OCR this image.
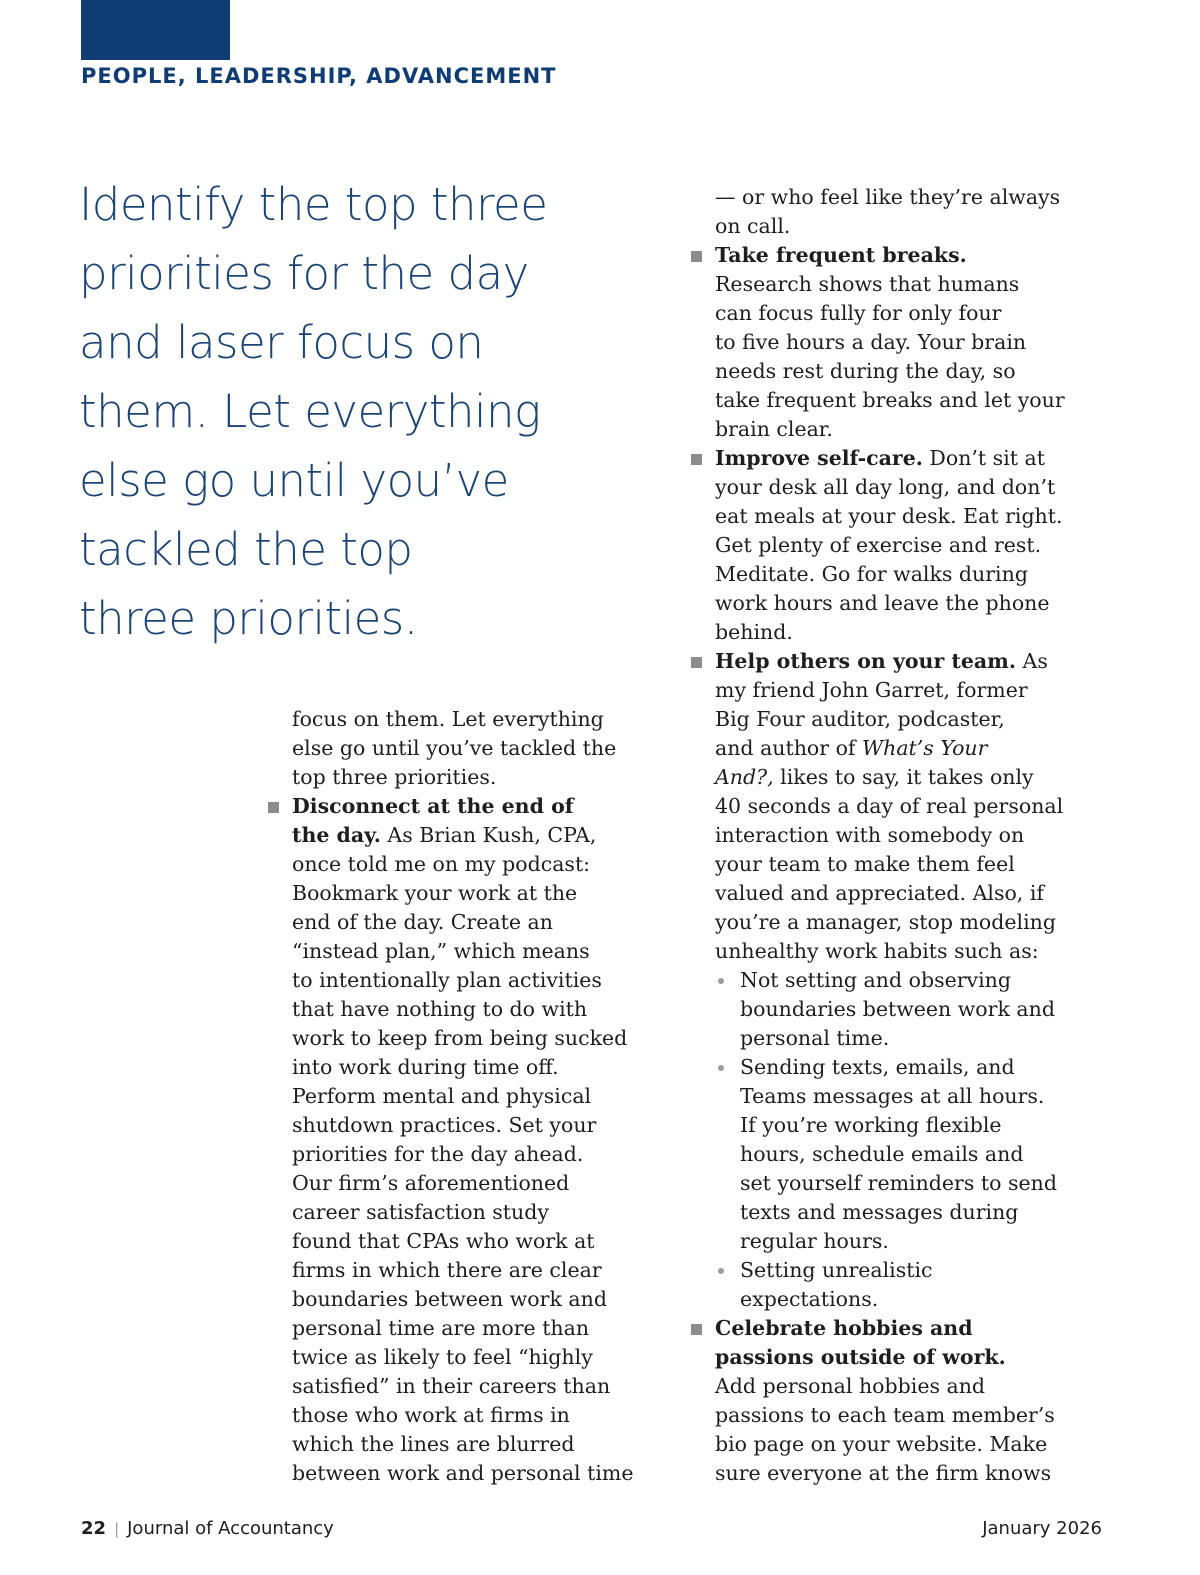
PEOPLE, LEADERSHIP, ADVANCEMENT
Identify the top three
priorities for the day
and laser focus on
them. Let everything
else go until you’ve
tackled the top
three priorities.
focus on them. Let everything
else go until you’ve tackled the
top three priorities.
Disconnect at the end of
the day. As Brian Kush, CPA,
once told me on my podcast:
Bookmark your work at the
end of the day. Create an
“instead plan,” which means
to intentionally plan activities
that have nothing to do with
work to keep from being sucked
into work during time off.
Perform mental and physical
shutdown practices. Set your
priorities for the day ahead.
Our firm’s aforementioned
career satisfaction study
found that CPAs who work at
firms in which there are clear
boundaries between work and
personal time are more than
twice as likely to feel “highly
satisfied” in their careers than
those who work at firms in
which the lines are blurred
between work and personal time
— or who feel like they’re always
on call.
Take frequent breaks.
Research shows that humans
can focus fully for only four
to five hours a day. Your brain
needs rest during the day, so
take frequent breaks and let your
brain clear.
Improve self-care. Don’t sit at
your desk all day long, and don’t
eat meals at your desk. Eat right.
Get plenty of exercise and rest.
Meditate. Go for walks during
work hours and leave the phone
behind.
Help others on your team. As
my friend John Garret, former
Big Four auditor, podcaster,
and author of What’s Your
And?, likes to say, it takes only
40 seconds a day of real personal
interaction with somebody on
your team to make them feel
valued and appreciated. Also, if
you’re a manager, stop modeling
unhealthy work habits such as:
Not setting and observing
boundaries between work and
personal time.
Sending texts, emails, and
Teams messages at all hours.
If you’re working flexible
hours, schedule emails and
set yourself reminders to send
texts and messages during
regular hours.
Setting unrealistic
expectations.
Celebrate hobbies and
passions outside of work.
Add personal hobbies and
passions to each team member’s
bio page on your website. Make
sure everyone at the firm knows
22 | Journal of Accountancy	January 2026
